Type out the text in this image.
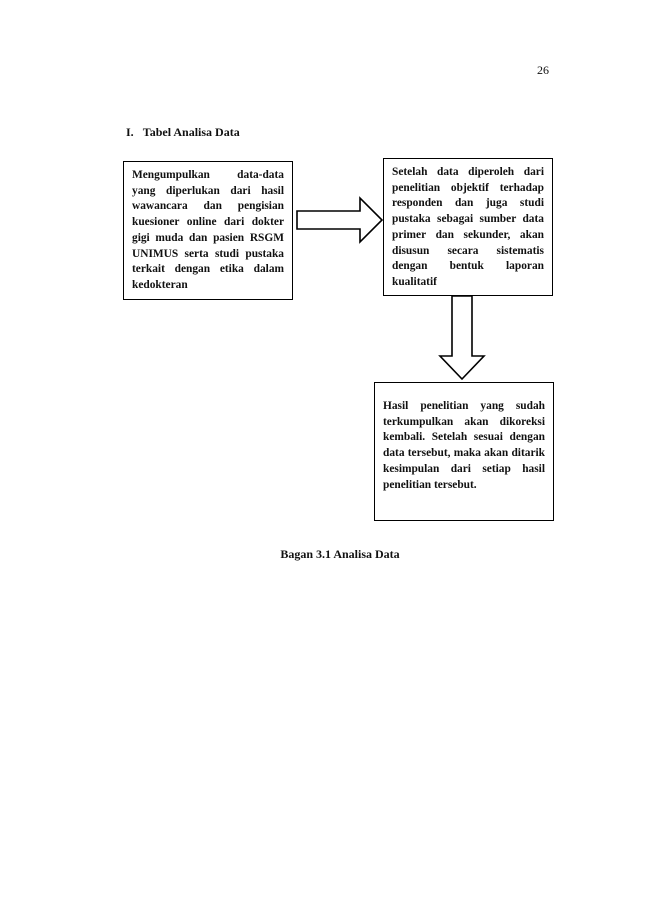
26
I. Tabel Analisa Data

Mengumpulkan data-data yang diperlukan dari hasil wawancara dan pengisian kuesioner online dari dokter gigi muda dan pasien RSGM UNIMUS serta studi pustaka terkait dengan etika dalam kedokteran

Setelah data diperoleh dari penelitian objektif terhadap responden dan juga studi pustaka sebagai sumber data primer dan sekunder, akan disusun secara sistematis dengan bentuk laporan kualitatif

Hasil penelitian yang sudah terkumpulkan akan dikoreksi kembali. Setelah sesuai dengan data tersebut, maka akan ditarik kesimpulan dari setiap hasil penelitian tersebut.

Bagan 3.1 Analisa Data
